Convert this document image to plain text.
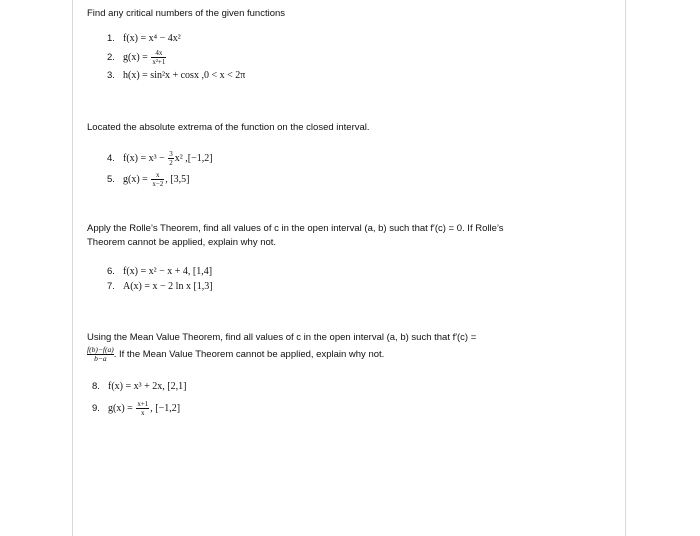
Find any critical numbers of the given functions
1. f(x) = x⁴ − 4x²
2. $g(x) = \frac{4x}{\text{x²+1}}$
3. h(x) = sin²x + cosx ,0 < x < 2π
Located the absolute extrema of the function on the closed interval.
4. $f(x) = x^3 - \frac{3}{2} x^2$ ,[−1,2]
5. $g(x) = \frac{x}{x-2}$ , [3,5]
Apply the Rolle’s Theorem, find all values of c in the open interval (a, b) such that f′(c) = 0. If Rolle’s
Theorem cannot be applied, explain why not.
6. f(x) = x² − x + 4, [1,4]
7. A(x) = x − 2 ln x [1,3]
Using the Mean Value Theorem, find all values of c in the open interval (a, b) such that f′(c) =
$\frac{f(b)-f(a)}{b-a}$. If the Mean Value Theorem cannot be applied, explain why not.
8. f(x) = x³ + 2x, [2,1]
9. $g(x) = \frac{x+1}{x}$ , [−1,2]
